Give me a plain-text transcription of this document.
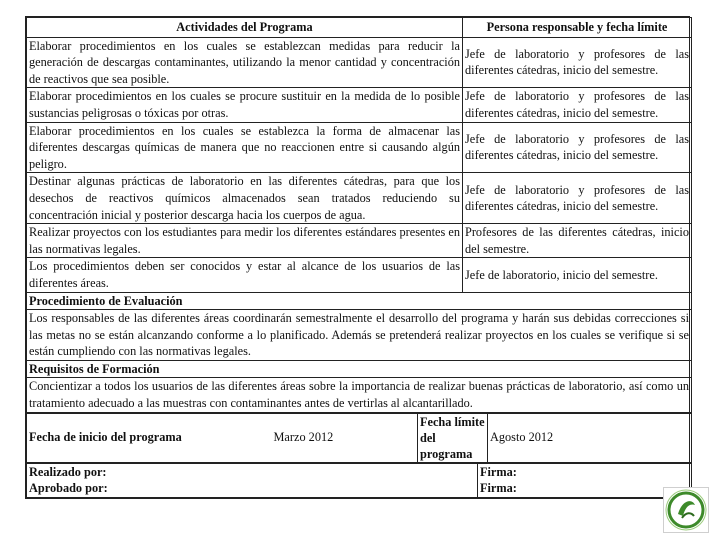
Actividades del Programa	Persona responsable y fecha límite
Elaborar procedimientos en los cuales se establezcan medidas para reducir la generación de descargas contaminantes, utilizando la menor cantidad y concentración de reactivos que sea posible.	Jefe de laboratorio y profesores de las diferentes cátedras, inicio del semestre.
Elaborar procedimientos en los cuales se procure sustituir en la medida de lo posible sustancias peligrosas o tóxicas por otras.	Jefe de laboratorio y profesores de las diferentes cátedras, inicio del semestre.
Elaborar procedimientos en los cuales se establezca la forma de almacenar las diferentes descargas químicas de manera que no reaccionen entre si causando algún peligro.	Jefe de laboratorio y profesores de las diferentes cátedras, inicio del semestre.
Destinar algunas prácticas de laboratorio en las diferentes cátedras, para que los desechos de reactivos químicos almacenados sean tratados reduciendo su concentración inicial y posterior descarga hacia los cuerpos de agua.	Jefe de laboratorio y profesores de las diferentes cátedras, inicio del semestre.
Realizar proyectos con los estudiantes para medir los diferentes estándares presentes en las normativas legales.	Profesores de las diferentes cátedras, inicio del semestre.
Los procedimientos deben ser conocidos y estar al alcance de los usuarios de las diferentes áreas.	Jefe de laboratorio, inicio del semestre.
Procedimiento de Evaluación	
Los responsables de las diferentes áreas coordinarán semestralmente el desarrollo del programa y harán sus debidas correcciones si las metas no se están alcanzando conforme a lo planificado. Además se pretenderá realizar proyectos en los cuales se verifique si se están cumpliendo con las normativas legales.	
Requisitos de Formación	
Concientizar a todos los usuarios de las diferentes áreas sobre la importancia de realizar buenas prácticas de laboratorio, así como un tratamiento adecuado a las muestras con contaminantes antes de vertirlas al alcantarillado.	
Fecha de inicio del programa	Marzo 2012	Fecha límite del programa	Agosto 2012
Realizado por:	Firma:
Aprobado por:	Firma:
